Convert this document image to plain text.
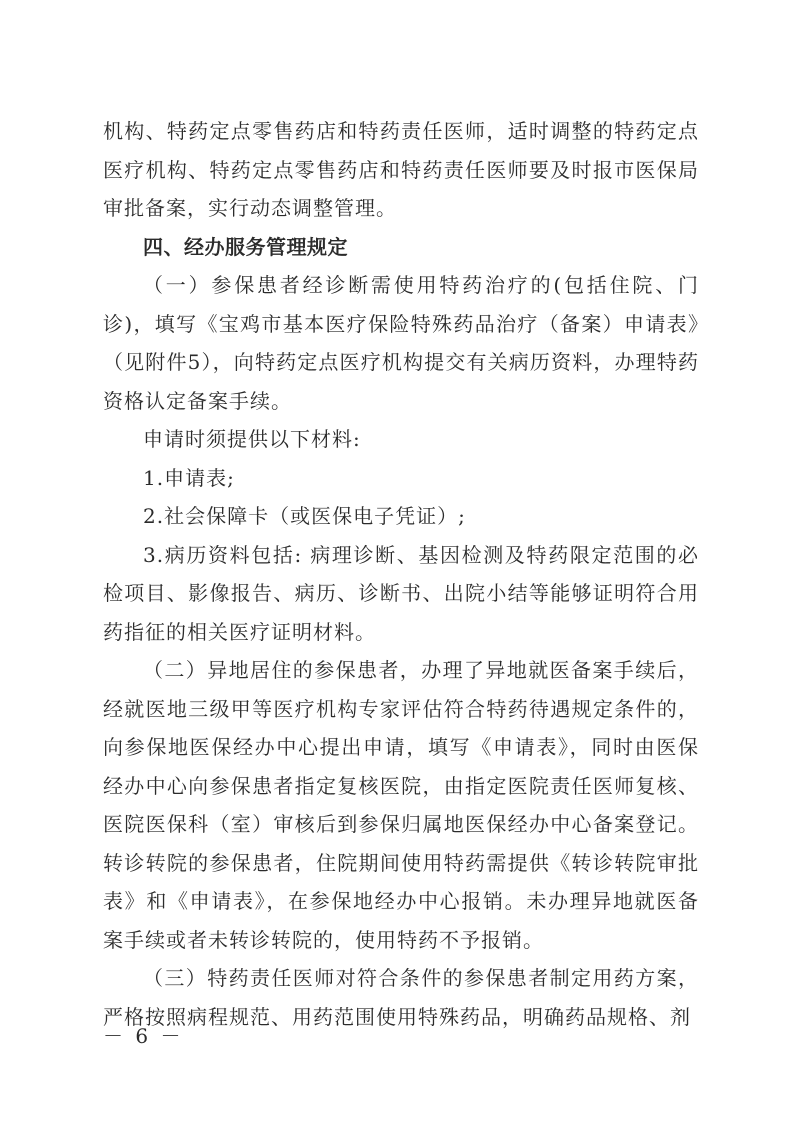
机构、特药定点零售药店和特药责任医师，适时调整的特药定点医疗机构、特药定点零售药店和特药责任医师要及时报市医保局审批备案，实行动态调整管理。

四、经办服务管理规定

（一）参保患者经诊断需使用特药治疗的(包括住院、门诊)，填写《宝鸡市基本医疗保险特殊药品治疗（备案）申请表》（见附件5），向特药定点医疗机构提交有关病历资料，办理特药资格认定备案手续。

申请时须提供以下材料:

1.申请表;

2.社会保障卡（或医保电子凭证）;

3.病历资料包括: 病理诊断、基因检测及特药限定范围的必检项目、影像报告、病历、诊断书、出院小结等能够证明符合用药指征的相关医疗证明材料。

（二）异地居住的参保患者，办理了异地就医备案手续后，经就医地三级甲等医疗机构专家评估符合特药待遇规定条件的，向参保地医保经办中心提出申请，填写《申请表》，同时由医保经办中心向参保患者指定复核医院，由指定医院责任医师复核、医院医保科（室）审核后到参保归属地医保经办中心备案登记。转诊转院的参保患者，住院期间使用特药需提供《转诊转院审批表》和《申请表》，在参保地经办中心报销。未办理异地就医备案手续或者未转诊转院的，使用特药不予报销。

（三）特药责任医师对符合条件的参保患者制定用药方案，严格按照病程规范、用药范围使用特殊药品，明确药品规格、剂

－ 6 －
